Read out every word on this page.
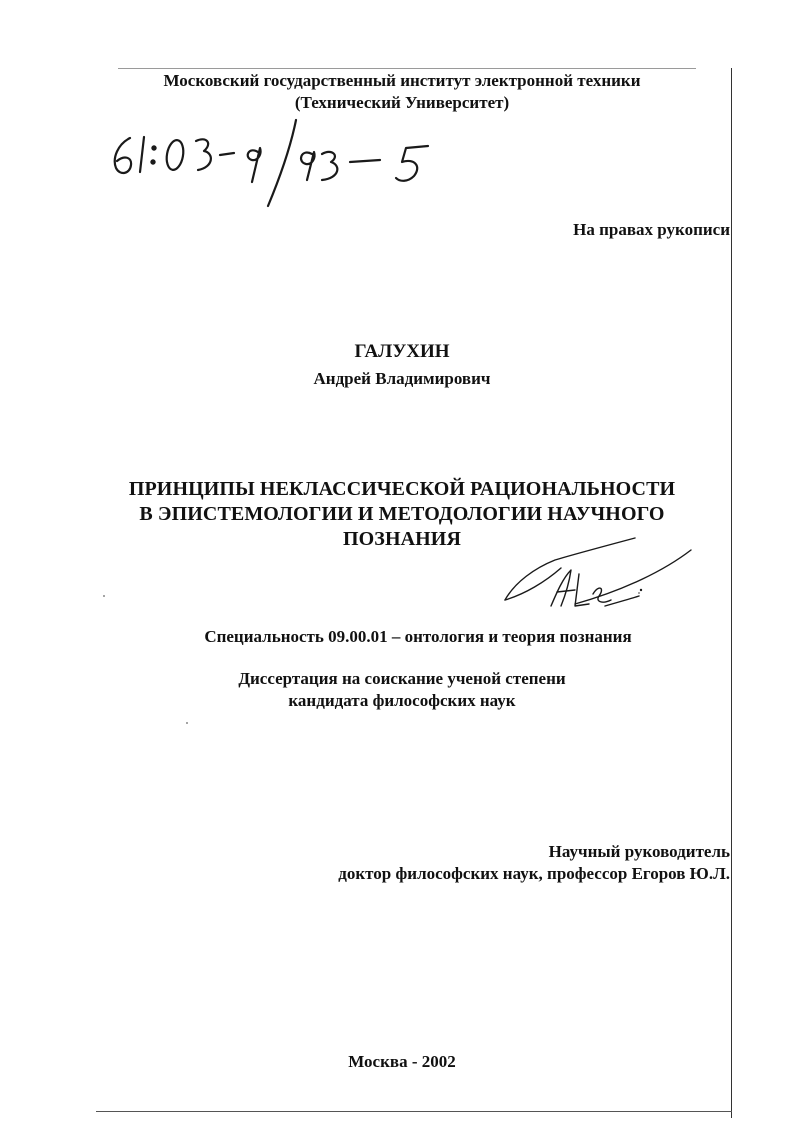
Московский государственный институт электронной техники
(Технический Университет)
На правах рукописи
ГАЛУХИН
Андрей Владимирович
ПРИНЦИПЫ НЕКЛАССИЧЕСКОЙ РАЦИОНАЛЬНОСТИ
В ЭПИСТЕМОЛОГИИ И МЕТОДОЛОГИИ НАУЧНОГО
ПОЗНАНИЯ
Специальность 09.00.01 – онтология и теория познания
Диссертация на соискание ученой степени
кандидата философских наук
Научный руководитель
доктор философских наук, профессор Егоров Ю.Л.
Москва - 2002
